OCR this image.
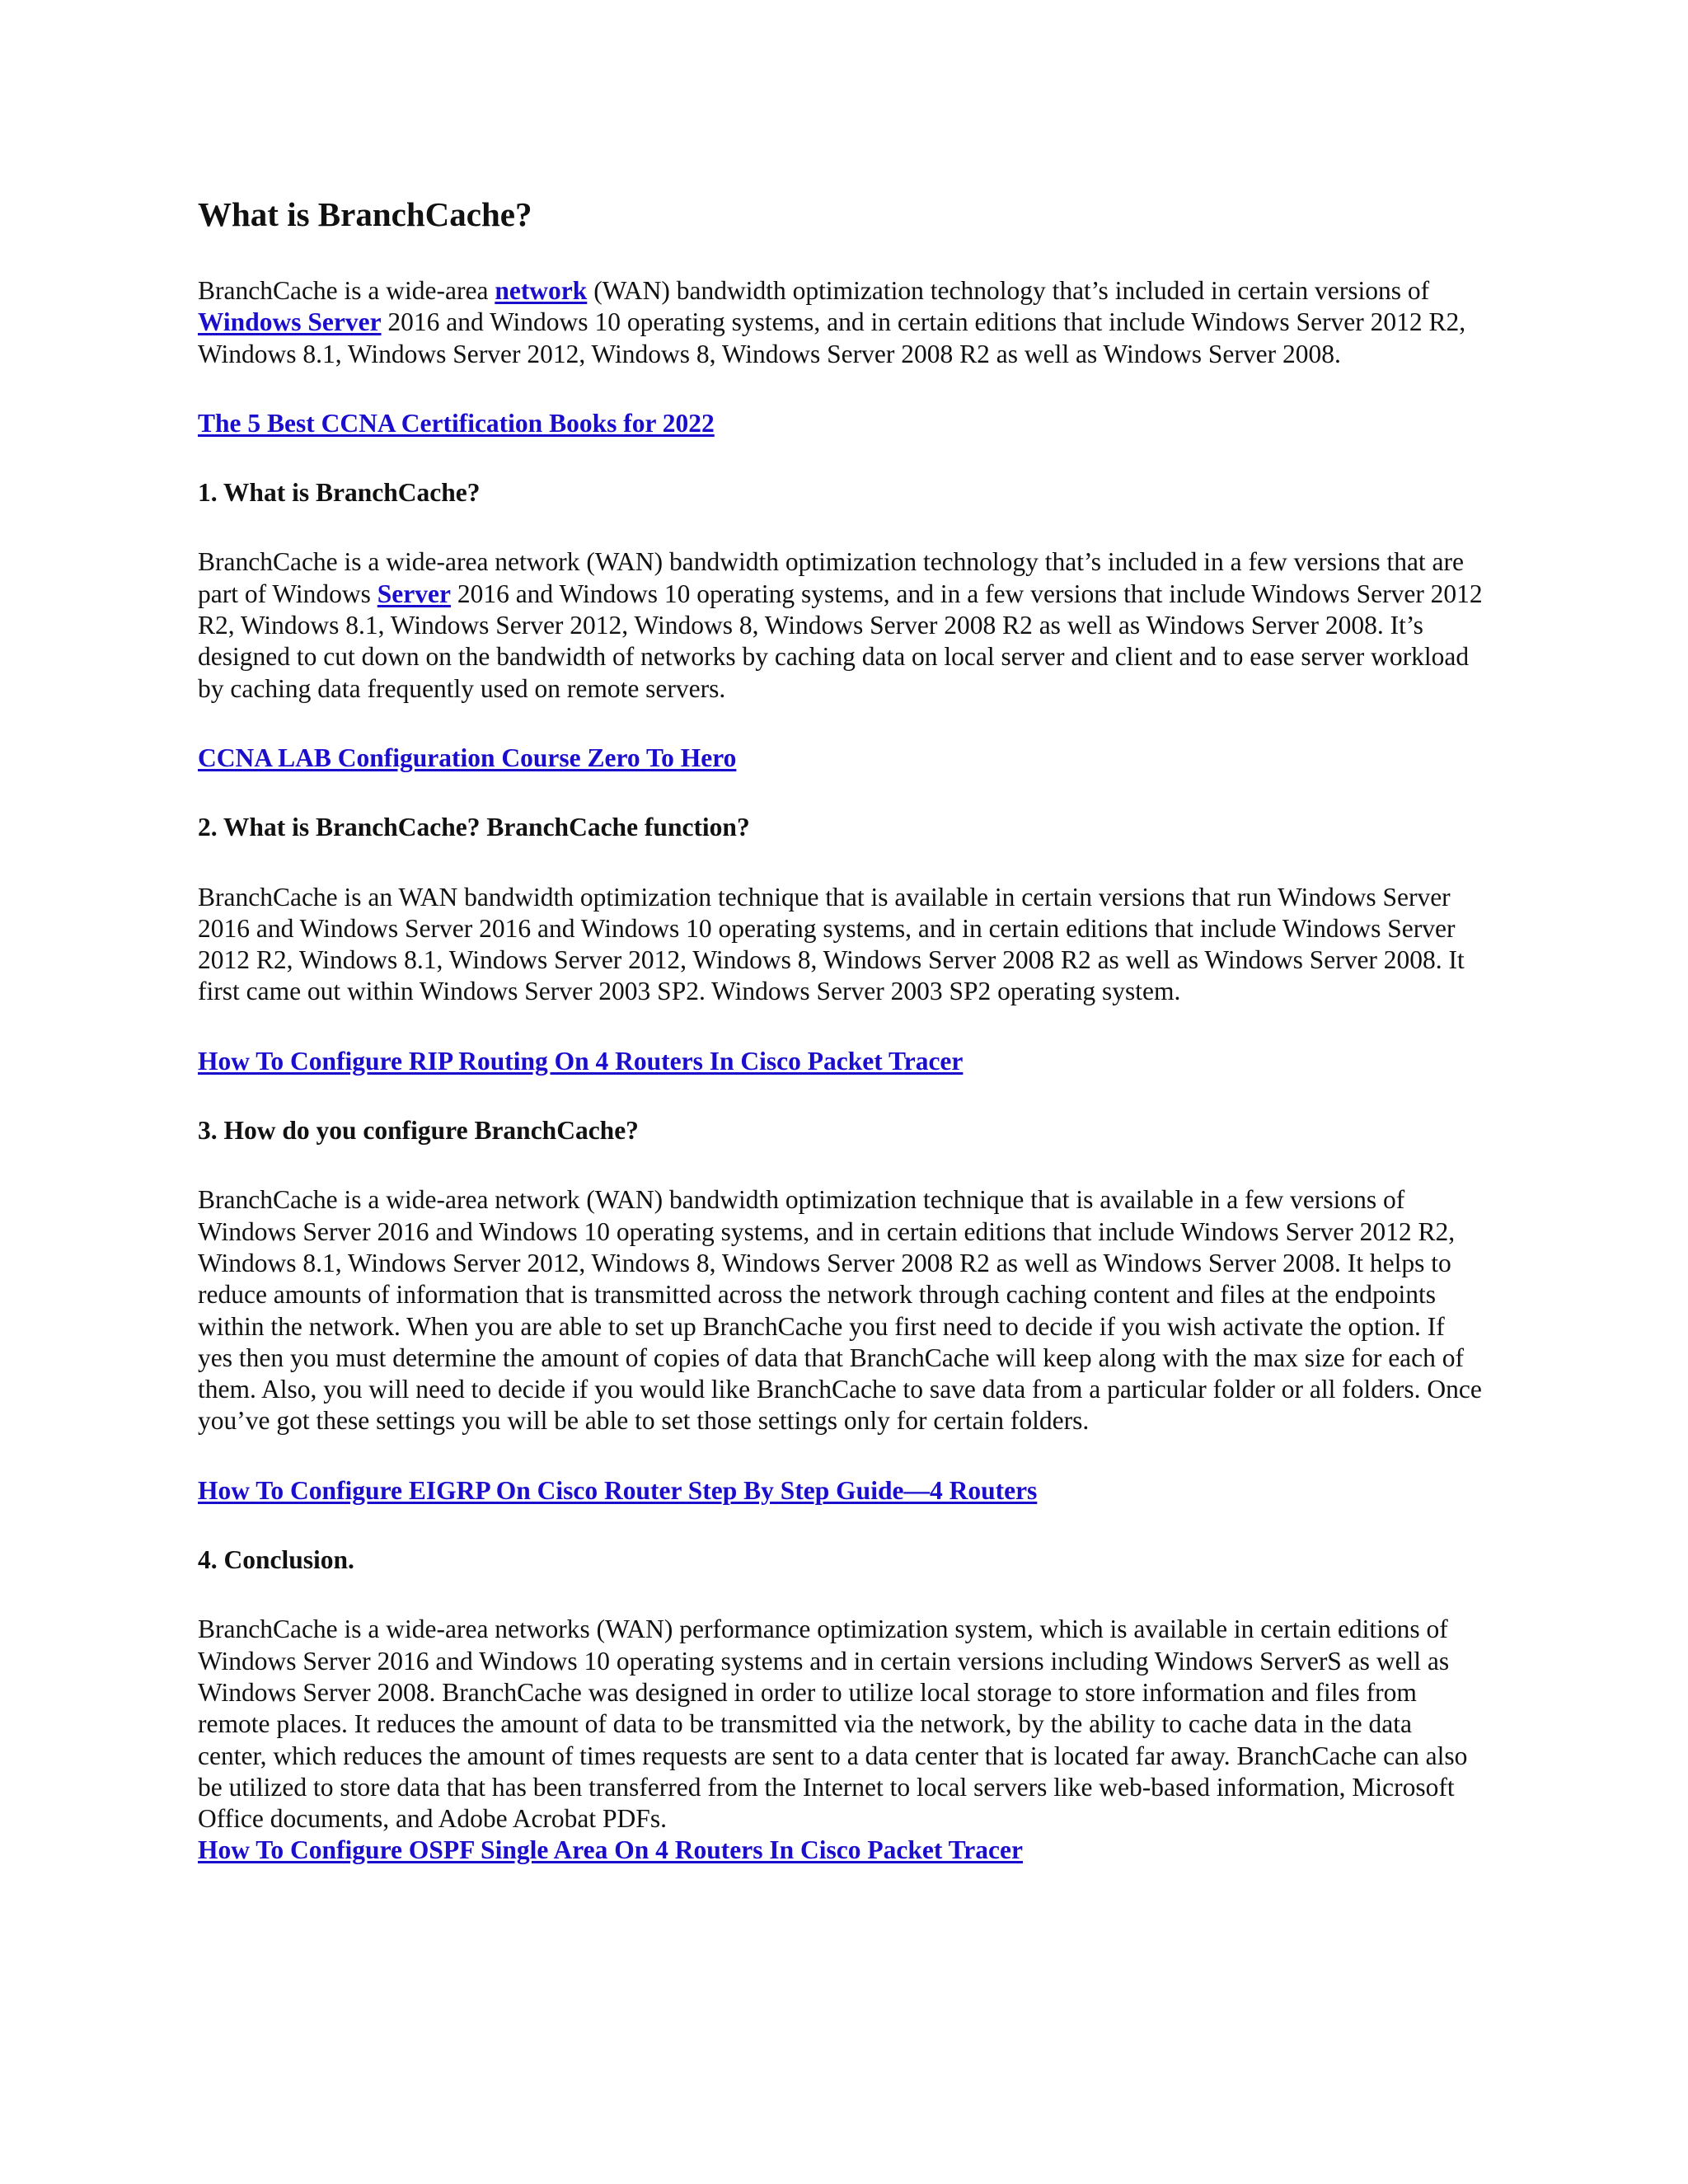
What is BranchCache?

BranchCache is a wide-area network (WAN) bandwidth optimization technology that’s included in certain versions of Windows Server 2016 and Windows 10 operating systems, and in certain editions that include Windows Server 2012 R2, Windows 8.1, Windows Server 2012, Windows 8, Windows Server 2008 R2 as well as Windows Server 2008.

The 5 Best CCNA Certification Books for 2022

1. What is BranchCache?

BranchCache is a wide-area network (WAN) bandwidth optimization technology that’s included in a few versions that are part of Windows Server 2016 and Windows 10 operating systems, and in a few versions that include Windows Server 2012 R2, Windows 8.1, Windows Server 2012, Windows 8, Windows Server 2008 R2 as well as Windows Server 2008. It’s designed to cut down on the bandwidth of networks by caching data on local server and client and to ease server workload by caching data frequently used on remote servers.

CCNA LAB Configuration Course Zero To Hero

2. What is BranchCache? BranchCache function?

BranchCache is an WAN bandwidth optimization technique that is available in certain versions that run Windows Server 2016 and Windows Server 2016 and Windows 10 operating systems, and in certain editions that include Windows Server 2012 R2, Windows 8.1, Windows Server 2012, Windows 8, Windows Server 2008 R2 as well as Windows Server 2008. It first came out within Windows Server 2003 SP2. Windows Server 2003 SP2 operating system.

How To Configure RIP Routing On 4 Routers In Cisco Packet Tracer

3. How do you configure BranchCache?

BranchCache is a wide-area network (WAN) bandwidth optimization technique that is available in a few versions of Windows Server 2016 and Windows 10 operating systems, and in certain editions that include Windows Server 2012 R2, Windows 8.1, Windows Server 2012, Windows 8, Windows Server 2008 R2 as well as Windows Server 2008. It helps to reduce amounts of information that is transmitted across the network through caching content and files at the endpoints within the network. When you are able to set up BranchCache you first need to decide if you wish activate the option. If yes then you must determine the amount of copies of data that BranchCache will keep along with the max size for each of them. Also, you will need to decide if you would like BranchCache to save data from a particular folder or all folders. Once you’ve got these settings you will be able to set those settings only for certain folders.

How To Configure EIGRP On Cisco Router Step By Step Guide—4 Routers

4. Conclusion.

BranchCache is a wide-area networks (WAN) performance optimization system, which is available in certain editions of Windows Server 2016 and Windows 10 operating systems and in certain versions including Windows ServerS as well as Windows Server 2008. BranchCache was designed in order to utilize local storage to store information and files from remote places. It reduces the amount of data to be transmitted via the network, by the ability to cache data in the data center, which reduces the amount of times requests are sent to a data center that is located far away. BranchCache can also be utilized to store data that has been transferred from the Internet to local servers like web-based information, Microsoft Office documents, and Adobe Acrobat PDFs.

How To Configure OSPF Single Area On 4 Routers In Cisco Packet Tracer
